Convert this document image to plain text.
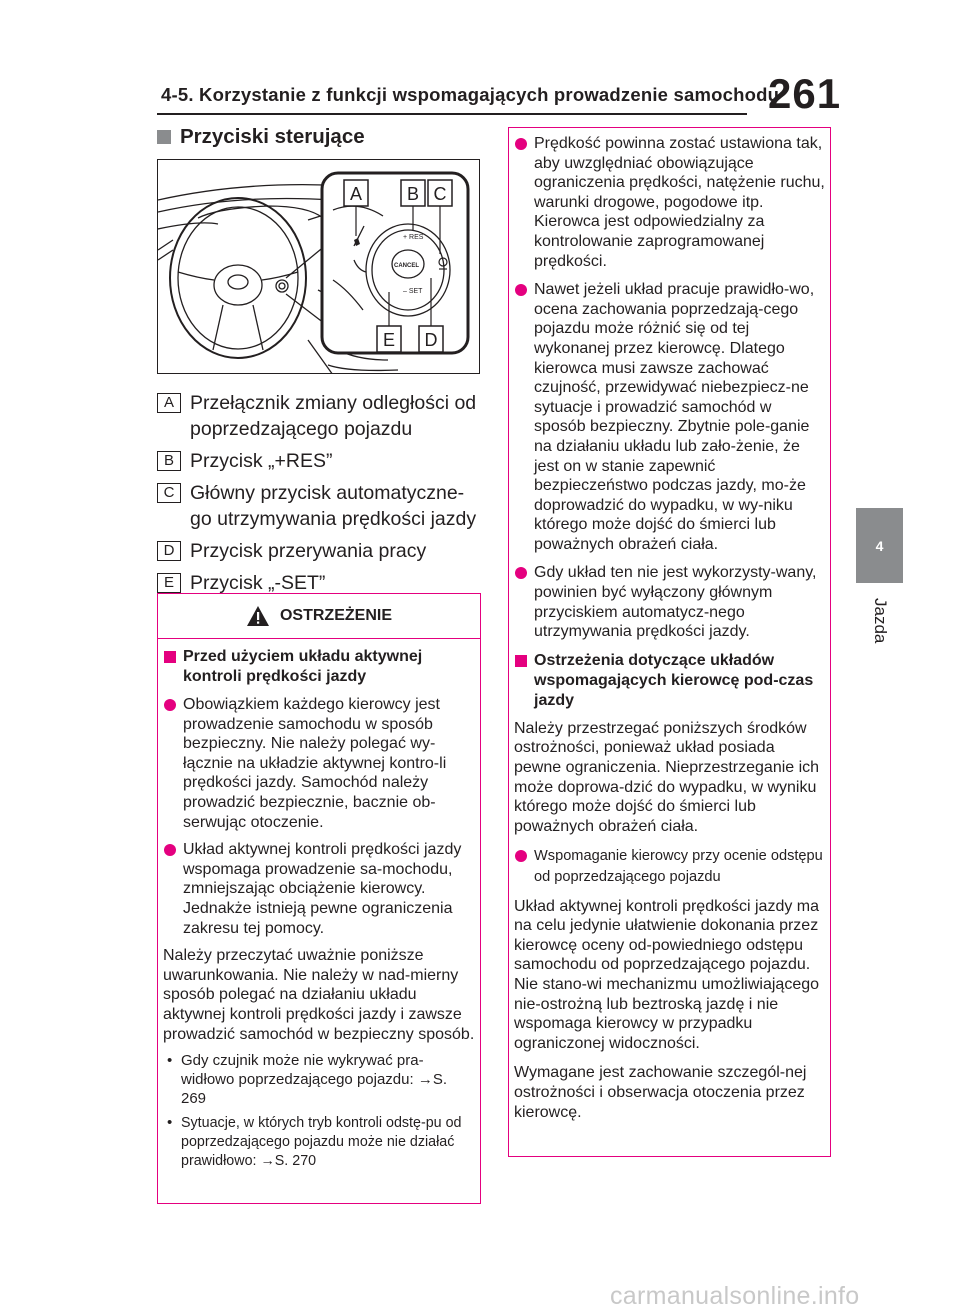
4-5. Korzystanie z funkcji wspomagających prowadzenie samochodu
261
4
Jazda
Przyciski sterujące
+ RES
CANCEL
– SET
A B C
E D
A Przełącznik zmiany odległości od poprzedzającego pojazdu
B Przycisk „+RES”
C Główny przycisk automatyczne-go utrzymywania prędkości jazdy
D Przycisk przerywania pracy
E Przycisk „-SET”
OSTRZEŻENIE
Przed użyciem układu aktywnej kontroli prędkości jazdy
Obowiązkiem każdego kierowcy jest prowadzenie samochodu w sposób bezpieczny. Nie należy polegać wy-łącznie na układzie aktywnej kontro-li prędkości jazdy. Samochód należy prowadzić bezpiecznie, bacznie ob-serwując otoczenie.
Układ aktywnej kontroli prędkości jazdy wspomaga prowadzenie sa-mochodu, zmniejszając obciążenie kierowcy. Jednakże istnieją pewne ograniczenia zakresu tej pomocy.
Należy przeczytać uważnie poniższe uwarunkowania. Nie należy w nad-mierny sposób polegać na działaniu układu aktywnej kontroli prędkości jazdy i zawsze prowadzić samochód w bezpieczny sposób.
• Gdy czujnik może nie wykrywać pra-widłowo poprzedzającego pojazdu: →S. 269
• Sytuacje, w których tryb kontroli odstę-pu od poprzedzającego pojazdu może nie działać prawidłowo: →S. 270
Prędkość powinna zostać ustawiona tak, aby uwzględniać obowiązujące ograniczenia prędkości, natężenie ruchu, warunki drogowe, pogodowe itp. Kierowca jest odpowiedzialny za kontrolowanie zaprogramowanej prędkości.
Nawet jeżeli układ pracuje prawidło-wo, ocena zachowania poprzedzają-cego pojazdu może różnić się od tej wykonanej przez kierowcę. Dlatego kierowca musi zawsze zachować czujność, przewidywać niebezpiecz-ne sytuacje i prowadzić samochód w sposób bezpieczny. Zbytnie pole-ganie na działaniu układu lub zało-żenie, że jest on w stanie zapewnić bezpieczeństwo podczas jazdy, mo-że doprowadzić do wypadku, w wy-niku którego może dojść do śmierci lub poważnych obrażeń ciała.
Gdy układ ten nie jest wykorzysty-wany, powinien być wyłączony głównym przyciskiem automatycz-nego utrzymywania prędkości jazdy.
Ostrzeżenia dotyczące układów wspomagających kierowcę pod-czas jazdy
Należy przestrzegać poniższych środków ostrożności, ponieważ układ posiada pewne ograniczenia. Nieprzestrzeganie ich może doprowa-dzić do wypadku, w wyniku którego może dojść do śmierci lub poważnych obrażeń ciała.
Wspomaganie kierowcy przy ocenie odstępu od poprzedzającego pojazdu
Układ aktywnej kontroli prędkości jazdy ma na celu jedynie ułatwienie dokonania przez kierowcę oceny od-powiedniego odstępu samochodu od poprzedzającego pojazdu. Nie stano-wi mechanizmu umożliwiającego nie-ostrożną lub beztroską jazdę i nie wspomaga kierowcy w przypadku ograniczonej widoczności.
Wymagane jest zachowanie szczegól-nej ostrożności i obserwacja otoczenia przez kierowcę.
carmanualsonline.info
